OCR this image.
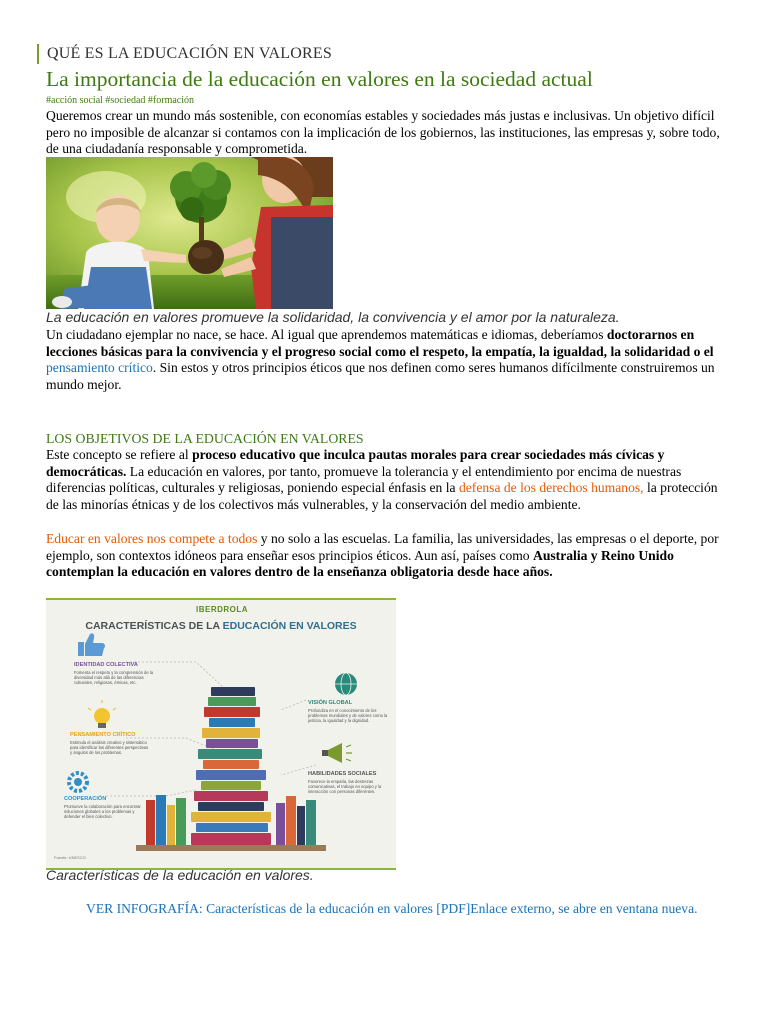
QUÉ ES LA EDUCACIÓN EN VALORES
La importancia de la educación en valores en la sociedad actual
#acción social #sociedad #formación
Queremos crear un mundo más sostenible, con economías estables y sociedades más justas e inclusivas. Un objetivo difícil pero no imposible de alcanzar si contamos con la implicación de los gobiernos, las instituciones, las empresas y, sobre todo, de una ciudadanía responsable y comprometida.
La educación en valores promueve la solidaridad, la convivencia y el amor por la naturaleza.
Un ciudadano ejemplar no nace, se hace. Al igual que aprendemos matemáticas e idiomas, deberíamos doctorarnos en lecciones básicas para la convivencia y el progreso social como el respeto, la empatía, la igualdad, la solidaridad o el pensamiento crítico. Sin estos y otros principios éticos que nos definen como seres humanos difícilmente construiremos un mundo mejor.
LOS OBJETIVOS DE LA EDUCACIÓN EN VALORES
Este concepto se refiere al proceso educativo que inculca pautas morales para crear sociedades más cívicas y democráticas. La educación en valores, por tanto, promueve la tolerancia y el entendimiento por encima de nuestras diferencias políticas, culturales y religiosas, poniendo especial énfasis en la defensa de los derechos humanos, la protección de las minorías étnicas y de los colectivos más vulnerables, y la conservación del medio ambiente.
Educar en valores nos compete a todos y no solo a las escuelas. La familia, las universidades, las empresas o el deporte, por ejemplo, son contextos idóneos para enseñar esos principios éticos. Aun así, países como Australia y Reino Unido contemplan la educación en valores dentro de la enseñanza obligatoria desde hace años.
IBERDROLA
CARACTERÍSTICAS DE LA EDUCACIÓN EN VALORES
IDENTIDAD COLECTIVA
Fomenta el respeto y la comprensión de la diversidad más allá de las diferencias culturales, religiosas, étnicas, etc.
PENSAMIENTO CRÍTICO
Estimula el análisis creativo y sistemático para identificar las diferentes perspectivas y ángulos de los problemas.
COOPERACIÓN
Promueve la colaboración para encontrar soluciones globales a los problemas y defender el bien colectivo.
VISIÓN GLOBAL
Profundiza en el conocimiento de los problemas mundiales y de valores como la justicia, la igualdad y la dignidad.
HABILIDADES SOCIALES
Favorece la empatía, las destrezas comunicativas, el trabajo en equipo y la interacción con personas diferentes.
Fuente: UNESCO
Características de la educación en valores.
VER INFOGRAFÍA: Características de la educación en valores [PDF]Enlace externo, se abre en ventana nueva.
